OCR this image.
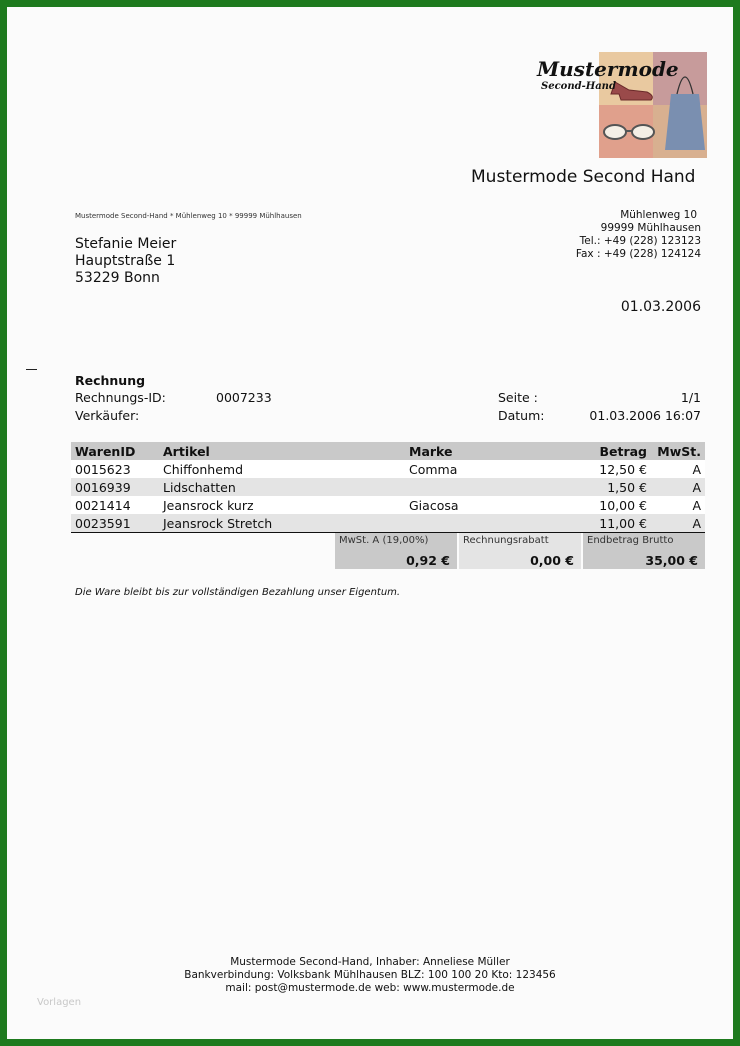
Mustermode
Second-Hand
Mustermode Second Hand
Mustermode Second-Hand * Mühlenweg 10 * 99999 Mühlhausen
Stefanie Meier
Hauptstraße 1
53229 Bonn
Mühlenweg 10
99999 Mühlhausen
Tel.: +49 (228) 123123
Fax : +49 (228) 124124
01.03.2006
Rechnung
Rechnungs-ID:	0007233
Verkäufer:
Seite :	1/1
Datum:	01.03.2006 16:07
WarenID	Artikel	Marke	Betrag	MwSt.
0015623	Chiffonhemd	Comma	12,50 €	A
0016939	Lidschatten		1,50 €	A
0021414	Jeansrock kurz	Giacosa	10,00 €	A
0023591	Jeansrock Stretch		11,00 €	A
MwSt. A (19,00%)
0,92 €
Rechnungsrabatt
0,00 €
Endbetrag Brutto
35,00 €
Die Ware bleibt bis zur vollständigen Bezahlung unser Eigentum.
Mustermode Second-Hand, Inhaber: Anneliese Müller
Bankverbindung: Volksbank Mühlhausen BLZ: 100 100 20 Kto: 123456
mail: post@mustermode.de web: www.mustermode.de
Vorlagen
